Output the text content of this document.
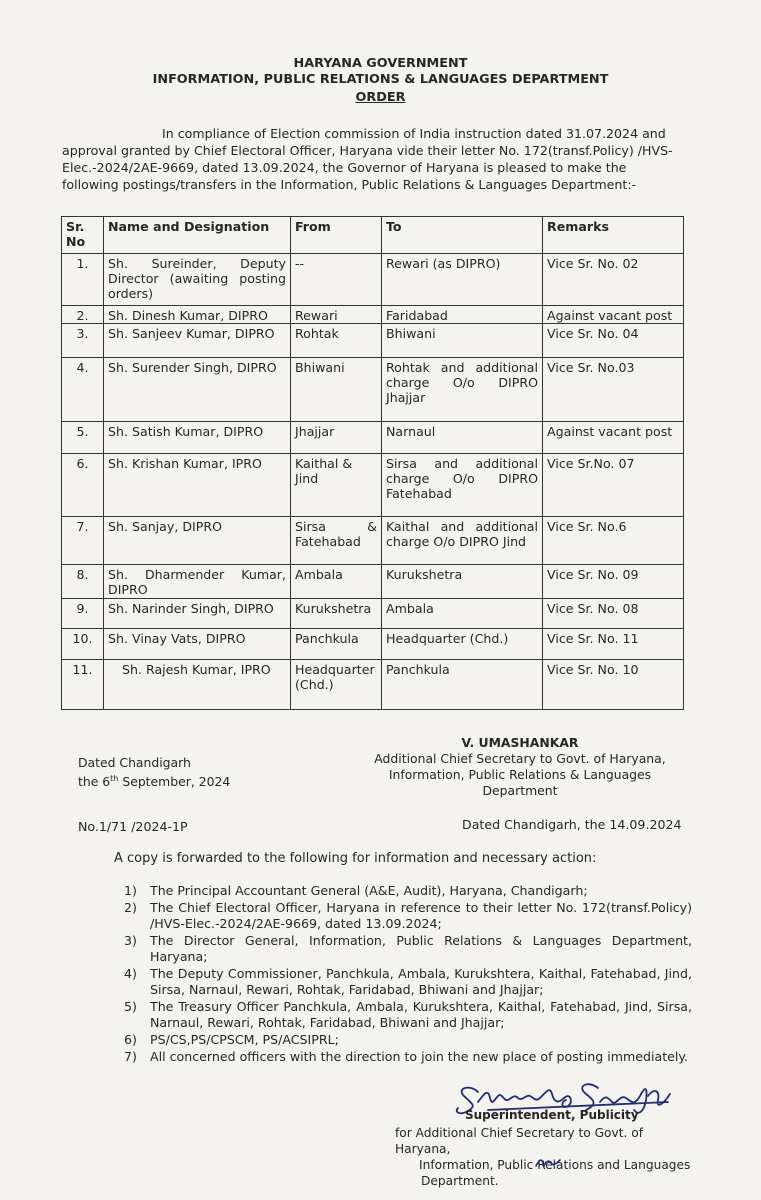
HARYANA GOVERNMENT
INFORMATION, PUBLIC RELATIONS & LANGUAGES DEPARTMENT
ORDER

In compliance of Election commission of India instruction dated 31.07.2024 and

approval granted by Chief Electoral Officer, Haryana vide their letter No. 172(transf.Policy) /HVS-

Elec.-2024/2AE-9669, dated 13.09.2024, the Governor of Haryana is pleased to make the

following postings/transfers in the Information, Public Relations & Languages Department:-

Sr. No	Name and Designation	From	To	Remarks
1.	Sh. Sureinder, Deputy Director (awaiting posting orders)	--	Rewari (as DIPRO)	Vice Sr. No. 02
2.	Sh. Dinesh Kumar, DIPRO	Rewari	Faridabad	Against vacant post
3.	Sh. Sanjeev Kumar, DIPRO	Rohtak	Bhiwani	Vice Sr. No. 04
4.	Sh. Surender Singh, DIPRO	Bhiwani	Rohtak and additional charge O/o DIPRO Jhajjar	Vice Sr. No.03
5.	Sh. Satish Kumar, DIPRO	Jhajjar	Narnaul	Against vacant post
6.	Sh. Krishan Kumar, IPRO	Kaithal & Jind	Sirsa and additional charge O/o DIPRO Fatehabad	Vice Sr.No. 07
7.	Sh. Sanjay, DIPRO	Sirsa & Fatehabad	Kaithal and additional charge O/o DIPRO Jind	Vice Sr. No.6
8.	Sh. Dharmender Kumar, DIPRO	Ambala	Kurukshetra	Vice Sr. No. 09
9.	Sh. Narinder Singh, DIPRO	Kurukshetra	Ambala	Vice Sr. No. 08
10.	Sh. Vinay Vats, DIPRO	Panchkula	Headquarter (Chd.)	Vice Sr. No. 11
11.	Sh. Rajesh Kumar, IPRO	Headquarter (Chd.)	Panchkula	Vice Sr. No. 10
Dated Chandigarh
the 6th September, 2024
V. UMASHANKAR
Additional Chief Secretary to Govt. of Haryana,
Information, Public Relations & Languages
Department
No.1/71 /2024-1P	Dated Chandigarh, the 14.09.2024
A copy is forwarded to the following for information and necessary action:
1) The Principal Accountant General (A&E, Audit), Haryana, Chandigarh;
2) The Chief Electoral Officer, Haryana in reference to their letter No. 172(transf.Policy) /HVS-Elec.-2024/2AE-9669, dated 13.09.2024;
3) The Director General, Information, Public Relations & Languages Department, Haryana;
4) The Deputy Commissioner, Panchkula, Ambala, Kurukshtera, Kaithal, Fatehabad, Jind, Sirsa, Narnaul, Rewari, Rohtak, Faridabad, Bhiwani and Jhajjar;
5) The Treasury Officer Panchkula, Ambala, Kurukshtera, Kaithal, Fatehabad, Jind, Sirsa, Narnaul, Rewari, Rohtak, Faridabad, Bhiwani and Jhajjar;
6) PS/CS,PS/CPSCM, PS/ACSIPRL;
7) All concerned officers with the direction to join the new place of posting immediately.
Superintendent, Publicity
for Additional Chief Secretary to Govt. of Haryana,
Information, Public Relations and Languages
Department.
